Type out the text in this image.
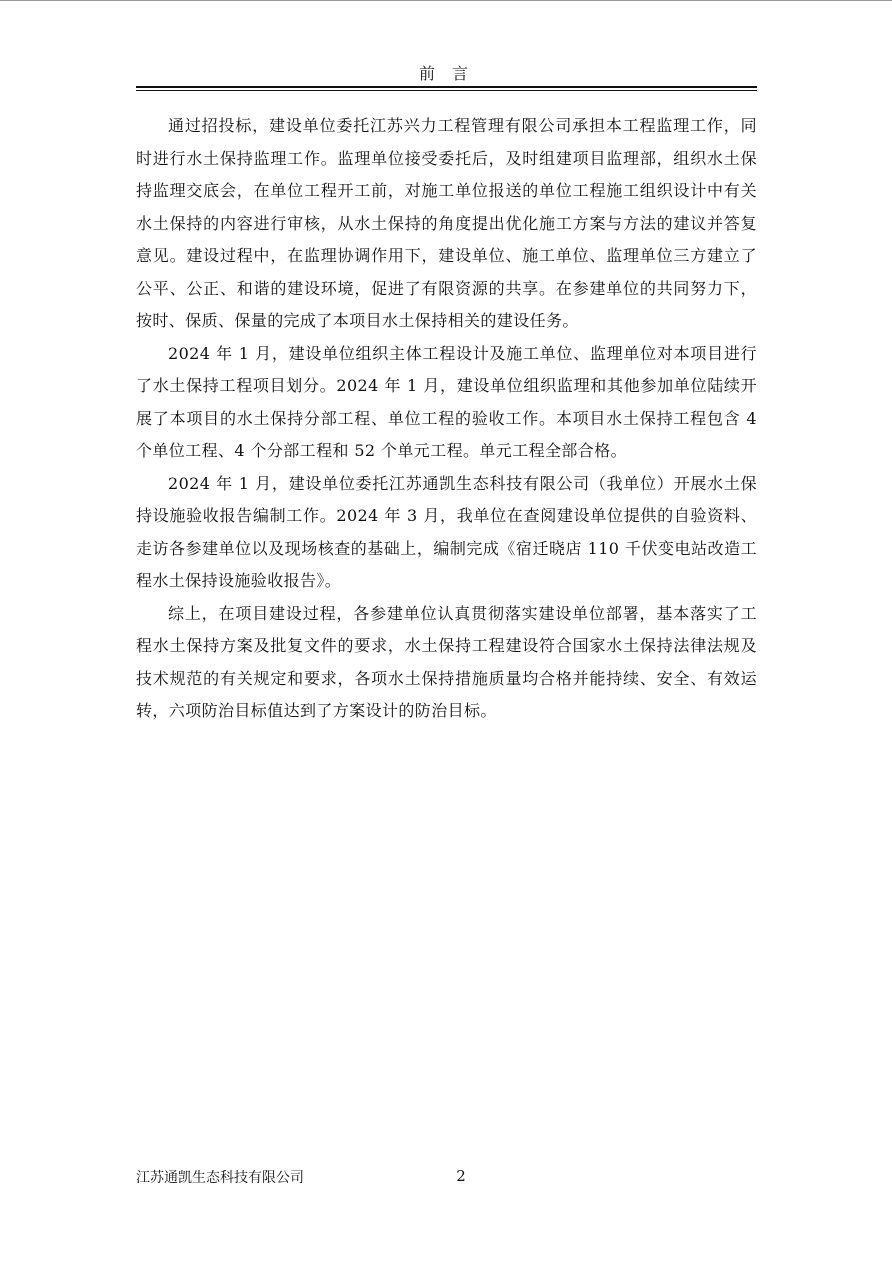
前 言

通过招投标，建设单位委托江苏兴力工程管理有限公司承担本工程监理工作，同时进行水土保持监理工作。监理单位接受委托后，及时组建项目监理部，组织水土保持监理交底会，在单位工程开工前，对施工单位报送的单位工程施工组织设计中有关水土保持的内容进行审核，从水土保持的角度提出优化施工方案与方法的建议并答复意见。建设过程中，在监理协调作用下，建设单位、施工单位、监理单位三方建立了公平、公正、和谐的建设环境，促进了有限资源的共享。在参建单位的共同努力下，按时、保质、保量的完成了本项目水土保持相关的建设任务。

2024 年 1 月，建设单位组织主体工程设计及施工单位、监理单位对本项目进行了水土保持工程项目划分。2024 年 1 月，建设单位组织监理和其他参加单位陆续开展了本项目的水土保持分部工程、单位工程的验收工作。本项目水土保持工程包含 4 个单位工程、4 个分部工程和 52 个单元工程。单元工程全部合格。

2024 年 1 月，建设单位委托江苏通凯生态科技有限公司（我单位）开展水土保持设施验收报告编制工作。2024 年 3 月，我单位在查阅建设单位提供的自验资料、走访各参建单位以及现场核查的基础上，编制完成《宿迁晓店 110 千伏变电站改造工程水土保持设施验收报告》。

综上，在项目建设过程，各参建单位认真贯彻落实建设单位部署，基本落实了工程水土保持方案及批复文件的要求，水土保持工程建设符合国家水土保持法律法规及技术规范的有关规定和要求，各项水土保持措施质量均合格并能持续、安全、有效运转，六项防治目标值达到了方案设计的防治目标。

江苏通凯生态科技有限公司	2
